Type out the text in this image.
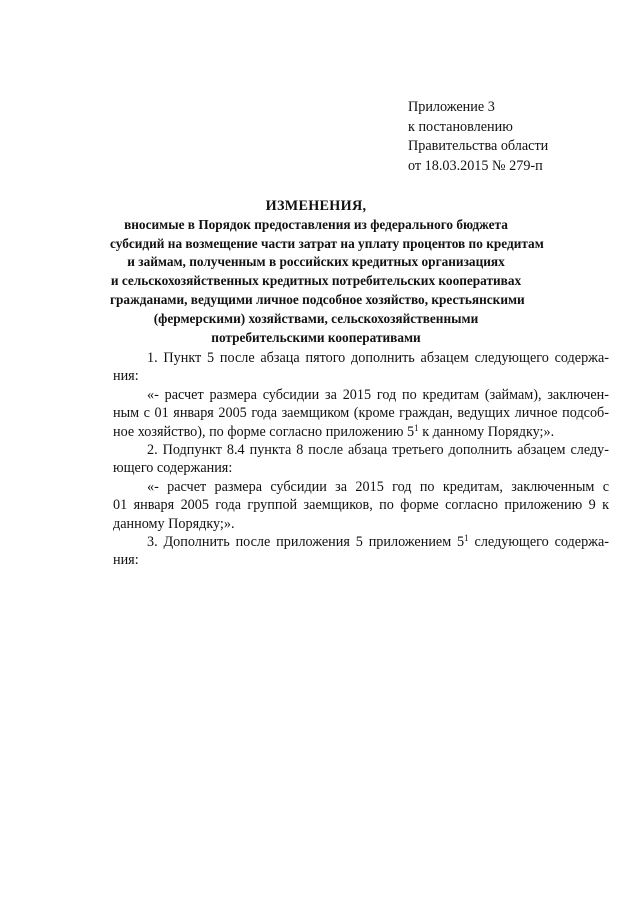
Приложение 3
к постановлению
Правительства области
от 18.03.2015 № 279-п
ИЗМЕНЕНИЯ,
вносимые в Порядок предоставления из федерального бюджета
субсидий на возмещение части затрат на уплату процентов по кредитам
и займам, полученным в российских кредитных организациях
и сельскохозяйственных кредитных потребительских кооперативах
гражданами, ведущими личное подсобное хозяйство, крестьянскими
(фермерскими) хозяйствами, сельскохозяйственными
потребительскими кооперативами
1. Пункт 5 после абзаца пятого дополнить абзацем следующего содержа-
ния:
«- расчет размера субсидии за 2015 год по кредитам (займам), заключен-
ным с 01 января 2005 года заемщиком (кроме граждан, ведущих личное подсоб-
ное хозяйство), по форме согласно приложению $5^1$ к данному Порядку;».
2. Подпункт 8.4 пункта 8 после абзаца третьего дополнить абзацем следу-
ющего содержания:
«- расчет размера субсидии за 2015 год по кредитам, заключенным с
01 января 2005 года группой заемщиков, по форме согласно приложению 9 к
данному Порядку;».
3. Дополнить после приложения 5 приложением $5^1$ следующего содержа-
ния:
